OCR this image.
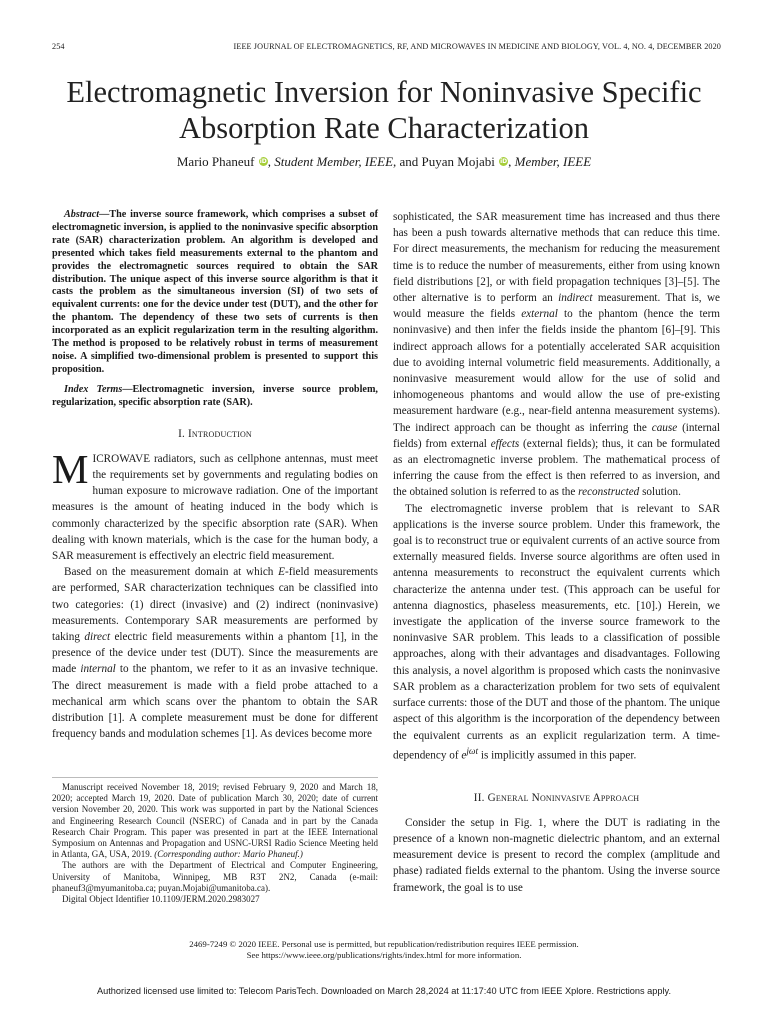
254	IEEE JOURNAL OF ELECTROMAGNETICS, RF, AND MICROWAVES IN MEDICINE AND BIOLOGY, VOL. 4, NO. 4, DECEMBER 2020
Electromagnetic Inversion for Noninvasive Specific Absorption Rate Characterization
Mario Phaneuf iD, Student Member, IEEE, and Puyan Mojabi iD, Member, IEEE

Abstract—The inverse source framework, which comprises a subset of electromagnetic inversion, is applied to the noninvasive specific absorption rate (SAR) characterization problem. An algorithm is developed and presented which takes field measurements external to the phantom and provides the electromagnetic sources required to obtain the SAR distribution. The unique aspect of this inverse source algorithm is that it casts the problem as the simultaneous inversion (SI) of two sets of equivalent currents: one for the device under test (DUT), and the other for the phantom. The dependency of these two sets of currents is then incorporated as an explicit regularization term in the resulting algorithm. The method is proposed to be relatively robust in terms of measurement noise. A simplified two-dimensional problem is presented to support this proposition.

Index Terms—Electromagnetic inversion, inverse source problem, regularization, specific absorption rate (SAR).

I. Introduction

MICROWAVE radiators, such as cellphone antennas, must meet the requirements set by governments and regulating bodies on human exposure to microwave radiation. One of the important measures is the amount of heating induced in the body which is commonly characterized by the specific absorption rate (SAR). When dealing with known materials, which is the case for the human body, a SAR measurement is effectively an electric field measurement.

Based on the measurement domain at which E-field measurements are performed, SAR characterization techniques can be classified into two categories: (1) direct (invasive) and (2) indirect (noninvasive) measurements. Contemporary SAR measurements are performed by taking direct electric field measurements within a phantom [1], in the presence of the device under test (DUT). Since the measurements are made internal to the phantom, we refer to it as an invasive technique. The direct measurement is made with a field probe attached to a mechanical arm which scans over the phantom to obtain the SAR distribution [1]. A complete measurement must be done for different frequency bands and modulation schemes [1]. As devices become more

Manuscript received November 18, 2019; revised February 9, 2020 and March 18, 2020; accepted March 19, 2020. Date of publication March 30, 2020; date of current version November 20, 2020. This work was supported in part by the National Sciences and Engineering Research Council (NSERC) of Canada and in part by the Canada Research Chair Program. This paper was presented in part at the IEEE International Symposium on Antennas and Propagation and USNC-URSI Radio Science Meeting held in Atlanta, GA, USA, 2019. (Corresponding author: Mario Phaneuf.)

The authors are with the Department of Electrical and Computer Engineering, University of Manitoba, Winnipeg, MB R3T 2N2, Canada (e-mail: phaneuf3@myumanitoba.ca; puyan.Mojabi@umanitoba.ca).

Digital Object Identifier 10.1109/JERM.2020.2983027

sophisticated, the SAR measurement time has increased and thus there has been a push towards alternative methods that can reduce this time. For direct measurements, the mechanism for reducing the measurement time is to reduce the number of measurements, either from using known field distributions [2], or with field propagation techniques [3]–[5]. The other alternative is to perform an indirect measurement. That is, we would measure the fields external to the phantom (hence the term noninvasive) and then infer the fields inside the phantom [6]–[9]. This indirect approach allows for a potentially accelerated SAR acquisition due to avoiding internal volumetric field measurements. Additionally, a noninvasive measurement would allow for the use of solid and inhomogeneous phantoms and would allow the use of pre-existing measurement hardware (e.g., near-field antenna measurement systems). The indirect approach can be thought as inferring the cause (internal fields) from external effects (external fields); thus, it can be formulated as an electromagnetic inverse problem. The mathematical process of inferring the cause from the effect is then referred to as inversion, and the obtained solution is referred to as the reconstructed solution.

The electromagnetic inverse problem that is relevant to SAR applications is the inverse source problem. Under this framework, the goal is to reconstruct true or equivalent currents of an active source from externally measured fields. Inverse source algorithms are often used in antenna measurements to reconstruct the equivalent currents which characterize the antenna under test. (This approach can be useful for antenna diagnostics, phaseless measurements, etc. [10].) Herein, we investigate the application of the inverse source framework to the noninvasive SAR problem. This leads to a classification of possible approaches, along with their advantages and disadvantages. Following this analysis, a novel algorithm is proposed which casts the noninvasive SAR problem as a characterization problem for two sets of equivalent surface currents: those of the DUT and those of the phantom. The unique aspect of this algorithm is the incorporation of the dependency between the equivalent currents as an explicit regularization term. A time-dependency of $e^{j\omega t}$ is implicitly assumed in this paper.

II. General Noninvasive Approach

Consider the setup in Fig. 1, where the DUT is radiating in the presence of a known non-magnetic dielectric phantom, and an external measurement device is present to record the complex (amplitude and phase) radiated fields external to the phantom. Using the inverse source framework, the goal is to use

2469-7249 © 2020 IEEE. Personal use is permitted, but republication/redistribution requires IEEE permission.
See https://www.ieee.org/publications/rights/index.html for more information.
Authorized licensed use limited to: Telecom ParisTech. Downloaded on March 28,2024 at 11:17:40 UTC from IEEE Xplore. Restrictions apply.
